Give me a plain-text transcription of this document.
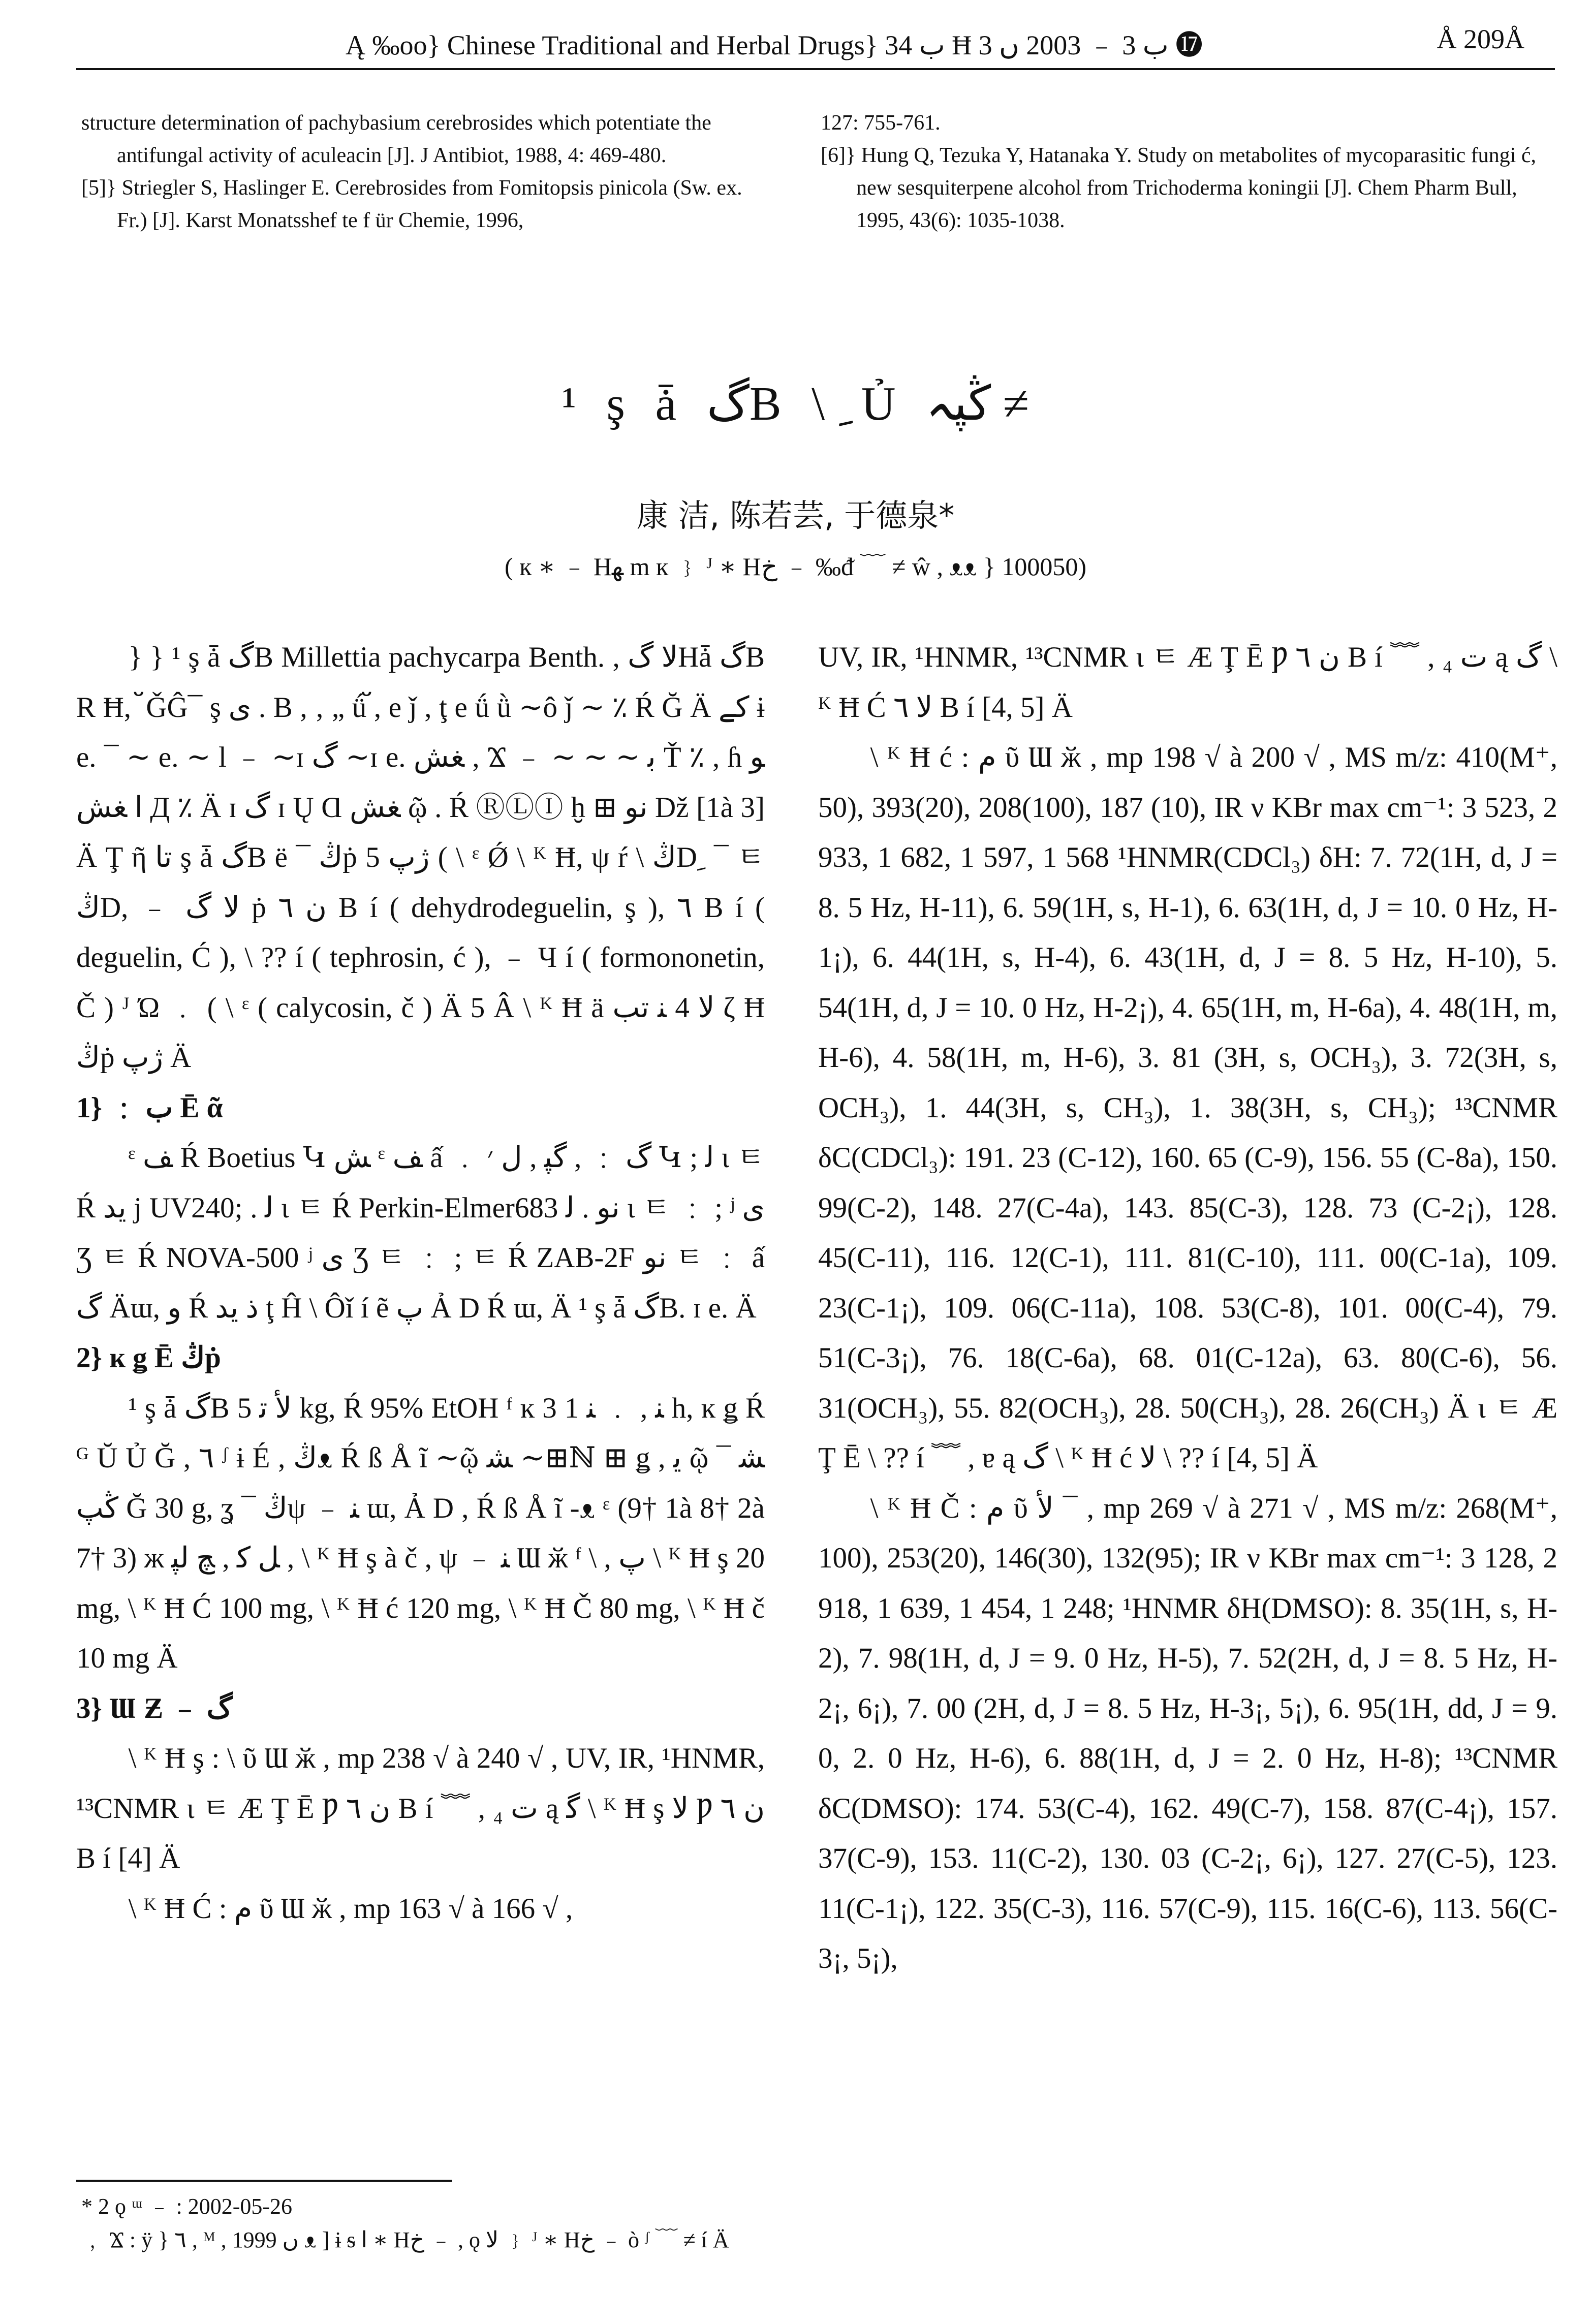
Ą ‰oo} Chinese Traditional and Herbal Drugs} ب 34 Ħ ب 3 ﹣ 2003 ں 3 ⓱	Å 209Å

structure determination of pachybasium cerebrosides which potentiate the antifungal activity of aculeacin [J]. J Antibiot, 1988, 4: 469-480.

[5]} Striegler S, Haslinger E. Cerebrosides from Fomitopsis pinicola (Sw. ex. Fr.) [J]. Karst Monatsshef te f ür Chemie, 1996,

127: 755-761.

[6]} Hung Q, Tezuka Y, Hatanaka Y. Study on metabolites of mycoparasitic fungi ć, new sesquiterpene alcohol from Trichoderma koningii [J]. Chem Pharm Bull, 1995, 43(6): 1035-1038.

¹ ş ǡ گB \ ِ Ủ ڭپہ ≠
康 洁, 陈若芸, 于德泉*
( к ∗ ﹣ Hﻬ m к ﹜ ᴶ ∗ Hخ ﹣ ‰ᵭ ﹋ ≠ ŵ , ᴥᴥ } 100050)

} } ¹ ş ǡ گB Millettia pachycarpa Benth. , ﻻ گHǡ گB R Ħ, ﬞ ǦĜ¯ ş ﻯ . B , ‚ „ ǘﬞ , e ǰ , ţ e ǘ ǜ ∼ô ǰ ∼ ٪ Ŕ Ğ Ä کے ɨ e. ¯ ∼ e. ∼ l ﹣ ∼ɪ گ ∼ɪ e. ﻐﺶ , Ϫ ﹣ ∼ ∼ ∼ ﺑ Ť ٪ , ɦ ﻮ ﺍ ﻐﺶ Д ٪ Ä ɪ گ ɪ Ų Ɑ ﻐﺶ ῷ . Ŕ ⓇⓁⒾ ḫ ⊞ ﻧﻮ Dž [1à 3] Ä Ţ ῆ ﺗﺎ ş ǡ گB ë ¯ ڭṗ ژپ 5 ( \ ᵋ Ǿ \ ᴷ Ħ, ψ ŕ \ ڭDﹺ ¯ ㅌ ڭD, ﹣ ﻻ گ ṗ ن ٦ B í ( dehydrodeguelin, ş ), ٦ B í ( deguelin, Ć ), \ ?? í ( tephrosin, ć ), ﹣ Ч í ( formononetin, Č ) ᴶ Ώ ﹒ ( \ ᵋ ( calycosin, č ) Ä 5 Â \ ᴷ Ħ ä ﻻ 4 ﻨ ﺗﺐ ζ Ħ ڭṗ ژپ Ä

1} ﹕ ب Ē ᾶ

ᵋ ﻒ Ŕ Boetius Կ ﺶ ᵋ ﻒ ấ ﹒ گ ﹕ , ﮔﭙ , ﻝ ׳ Կ ; ﻟ ɩ ㅌ Ŕ ﻳﺪ j UV240; . ﻟ ɩ ㅌ Ŕ Perkin-Elmer683 ﻧﻮ . ﻟ ɩ ㅌ ﹕ ; ʲ ﻯ Ʒ ㅌ Ŕ NOVA-500 ʲ ﻯ Ʒ ㅌ ﹕ ; ㅌ Ŕ ZAB-2F ﻧﻮ ㅌ ﹕ ấ گ Äɯ, ﻭ Ŕ ﺫ ﻳﺪ ţ Ĥ \ Ôǐ í ẽ پ Ả D Ŕ ɯ, Ä ¹ ş ǡ گB. ɪ e. Ä

2} ĸ ǥ Ē ڭṗ

¹ ş ǡ گB ﻷ ﺗ 5 kg, Ŕ 95% EtOH ᶠ ĸ 3 ﻨ , ﹒ ﻨ 1 h, ĸ ǥ Ŕ ᴳ Ŭ Ủ Ğ , ٦ ᶴ ɨ É , ڭᴥ Ŕ ß Å ĩ ∼ῷ ﺸ ∼⊞ℕ ⊞ ǥ , ﻳ ῷ ﺸ ¯ ڭپ Ğ 30 g, ʓ ¯ ڭψ ﹣ ﻨ ɯ, Ả D , Ŕ ß Å ĩ -ᴥ ᵋ (9† 1à 8† 2à 7† 3) ж ﻞ ﮐ , ﭻ ﻟﭙ , \ ᴷ Ħ ş à č , ψ ﹣ ﻨ Ɯ ӂ ᶠ \ , پ \ ᴷ Ħ ş 20 mg, \ ᴷ Ħ Ć 100 mg, \ ᴷ Ħ ć 120 mg, \ ᴷ Ħ Č 80 mg, \ ᴷ Ħ č 10 mg Ä

3} Ɯ Ƶ ﹣ گ

\ ᴷ Ħ ş : \ ῦ Ɯ ӂ , mp 238 √ à 240 √ , UV, IR, ¹HNMR, ¹³CNMR ɩ ㅌ Æ Ţ Ē Ƿ ن ٦ B í ﹌ , ₄ ﺕ ą ﮔ \ ᴷ Ħ ş ﻻ Ƿ ن ٦ B í [4] Ä

\ ᴷ Ħ Ć : ﻡ ῦ Ɯ ӂ , mp 163 √ à 166 √ ,

UV, IR, ¹HNMR, ¹³CNMR ɩ ㅌ Æ Ţ Ē Ƿ ن ٦ B í ﹌ , ₄ ﺕ ą گ \ ᴷ Ħ Ć ﻻ ٦ B í [4, 5] Ä

\ ᴷ Ħ ć : ﻡ ῦ Ɯ ӂ , mp 198 √ à 200 √ , MS m/z: 410(M⁺, 50), 393(20), 208(100), 187 (10), IR ν KBr max cm⁻¹: 3 523, 2 933, 1 682, 1 597, 1 568 ¹HNMR(CDCl₃) δH: 7. 72(1H, d, J = 8. 5 Hz, H-11), 6. 59(1H, s, H-1), 6. 63(1H, d, J = 10. 0 Hz, H-1¡), 6. 44(1H, s, H-4), 6. 43(1H, d, J = 8. 5 Hz, H-10), 5. 54(1H, d, J = 10. 0 Hz, H-2¡), 4. 65(1H, m, H-6a), 4. 48(1H, m, H-6), 4. 58(1H, m, H-6), 3. 81 (3H, s, OCH₃), 3. 72(3H, s, OCH₃), 1. 44(3H, s, CH₃), 1. 38(3H, s, CH₃); ¹³CNMR δC(CDCl₃): 191. 23 (C-12), 160. 65 (C-9), 156. 55 (C-8a), 150. 99(C-2), 148. 27(C-4a), 143. 85(C-3), 128. 73 (C-2¡), 128. 45(C-11), 116. 12(C-1), 111. 81(C-10), 111. 00(C-1a), 109. 23(C-1¡), 109. 06(C-11a), 108. 53(C-8), 101. 00(C-4), 79. 51(C-3¡), 76. 18(C-6a), 68. 01(C-12a), 63. 80(C-6), 56. 31(OCH₃), 55. 82(OCH₃), 28. 50(CH₃), 28. 26(CH₃) Ä ɩ ㅌ Æ Ţ Ē \ ?? í ﹌ , ɐ ą گ \ ᴷ Ħ ć ﻻ \ ?? í [4, 5] Ä

\ ᴷ Ħ Č : ﻡ ῦ ﻷ ¯ , mp 269 √ à 271 √ , MS m/z: 268(M⁺, 100), 253(20), 146(30), 132(95); IR ν KBr max cm⁻¹: 3 128, 2 918, 1 639, 1 454, 1 248; ¹HNMR δH(DMSO): 8. 35(1H, s, H-2), 7. 98(1H, d, J = 9. 0 Hz, H-5), 7. 52(2H, d, J = 8. 5 Hz, H-2¡, 6¡), 7. 00 (2H, d, J = 8. 5 Hz, H-3¡, 5¡), 6. 95(1H, dd, J = 9. 0, 2. 0 Hz, H-6), 6. 88(1H, d, J = 2. 0 Hz, H-8); ¹³CNMR δC(DMSO): 174. 53(C-4), 162. 49(C-7), 158. 87(C-4¡), 157. 37(C-9), 153. 11(C-2), 130. 03 (C-2¡, 6¡), 127. 27(C-5), 123. 11(C-1¡), 122. 35(C-3), 116. 57(C-9), 115. 16(C-6), 113. 56(C-3¡, 5¡),

* 2 ǫ ᵚ ﹣ : 2002-05-26

﹐ Ϫ : ÿ } ٦ , ᴹ , 1999 ں ᴥ ] ɨ ᵴ ﺍ ∗ Hخ ﹣ , ǫ ﻻ ﹜ ᴶ ∗ Hخ ﹣ ò ᶴ ﹋ ≠ í Ä
